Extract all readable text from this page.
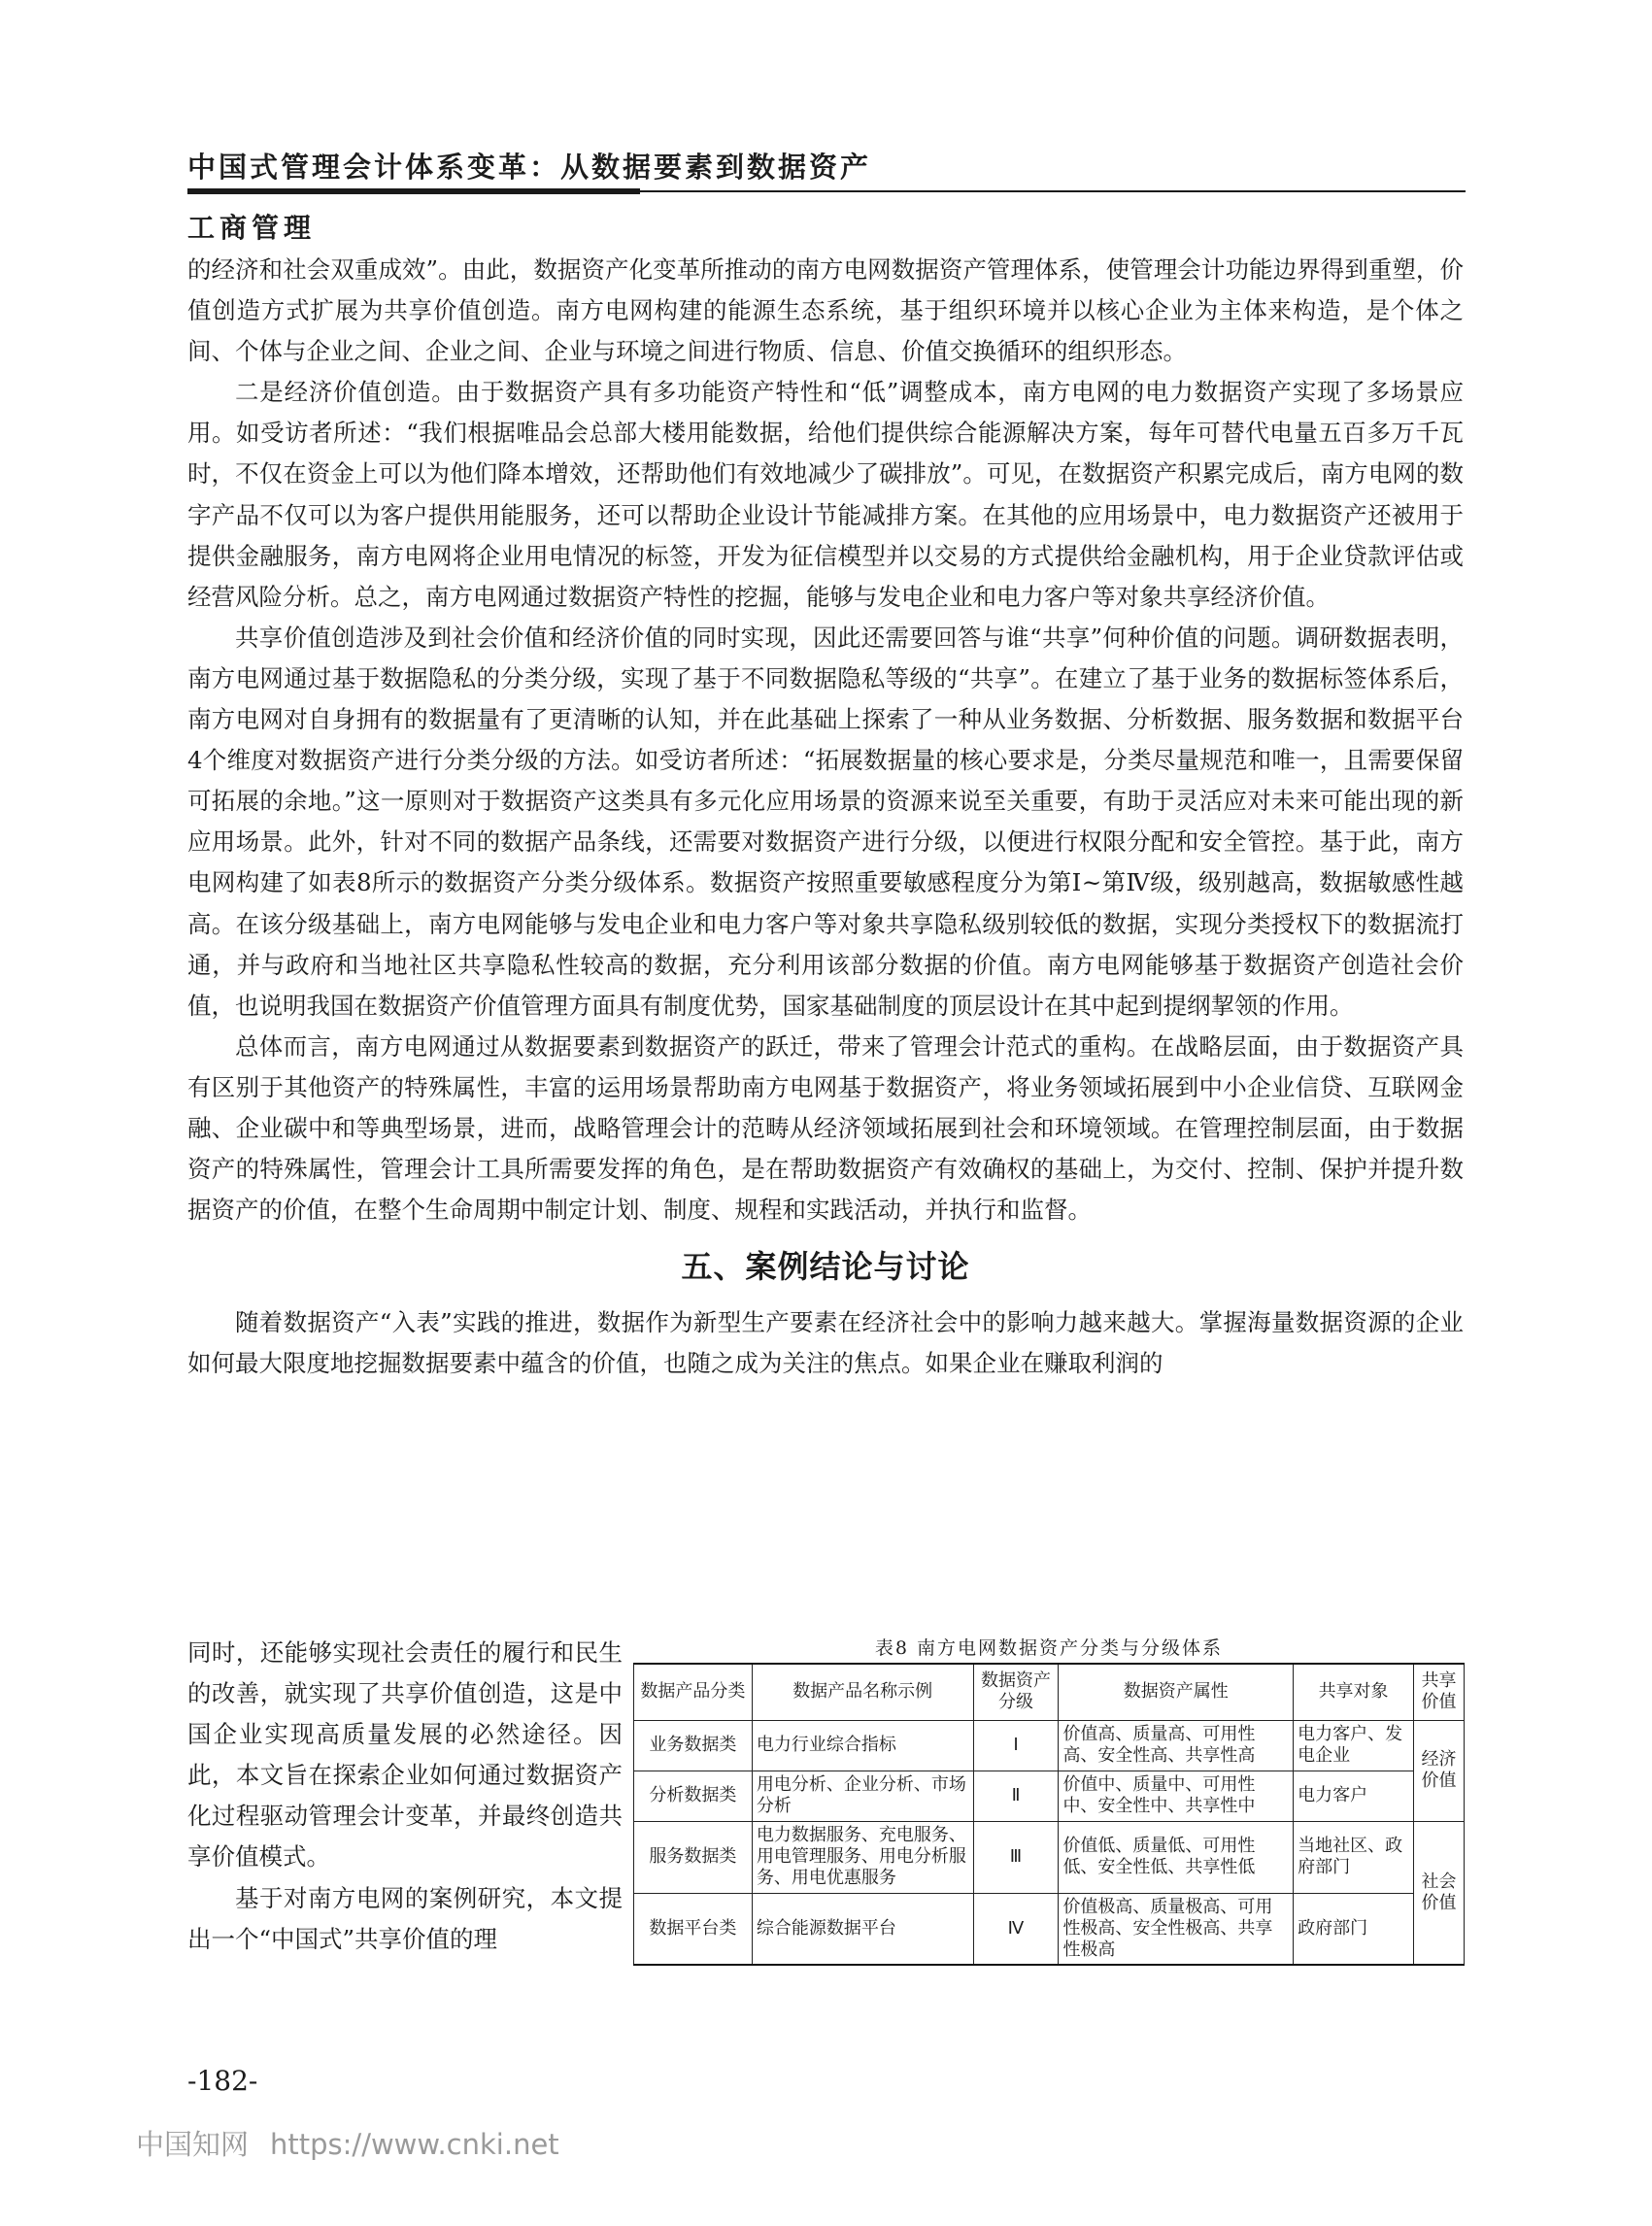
中国式管理会计体系变革：从数据要素到数据资产
工商管理

的经济和社会双重成效”。由此，数据资产化变革所推动的南方电网数据资产管理体系，使管理会计功能边界得到重塑，价值创造方式扩展为共享价值创造。南方电网构建的能源生态系统，基于组织环境并以核心企业为主体来构造，是个体之间、个体与企业之间、企业之间、企业与环境之间进行物质、信息、价值交换循环的组织形态。

二是经济价值创造。由于数据资产具有多功能资产特性和“低”调整成本，南方电网的电力数据资产实现了多场景应用。如受访者所述：“我们根据唯品会总部大楼用能数据，给他们提供综合能源解决方案，每年可替代电量五百多万千瓦时，不仅在资金上可以为他们降本增效，还帮助他们有效地减少了碳排放”。可见，在数据资产积累完成后，南方电网的数字产品不仅可以为客户提供用能服务，还可以帮助企业设计节能减排方案。在其他的应用场景中，电力数据资产还被用于提供金融服务，南方电网将企业用电情况的标签，开发为征信模型并以交易的方式提供给金融机构，用于企业贷款评估或经营风险分析。总之，南方电网通过数据资产特性的挖掘，能够与发电企业和电力客户等对象共享经济价值。

共享价值创造涉及到社会价值和经济价值的同时实现，因此还需要回答与谁“共享”何种价值的问题。调研数据表明，南方电网通过基于数据隐私的分类分级，实现了基于不同数据隐私等级的“共享”。在建立了基于业务的数据标签体系后，南方电网对自身拥有的数据量有了更清晰的认知，并在此基础上探索了一种从业务数据、分析数据、服务数据和数据平台4个维度对数据资产进行分类分级的方法。如受访者所述：“拓展数据量的核心要求是，分类尽量规范和唯一，且需要保留可拓展的余地。”这一原则对于数据资产这类具有多元化应用场景的资源来说至关重要，有助于灵活应对未来可能出现的新应用场景。此外，针对不同的数据产品条线，还需要对数据资产进行分级，以便进行权限分配和安全管控。基于此，南方电网构建了如表8所示的数据资产分类分级体系。数据资产按照重要敏感程度分为第Ⅰ~第Ⅳ级，级别越高，数据敏感性越高。在该分级基础上，南方电网能够与发电企业和电力客户等对象共享隐私级别较低的数据，实现分类授权下的数据流打通，并与政府和当地社区共享隐私性较高的数据，充分利用该部分数据的价值。南方电网能够基于数据资产创造社会价值，也说明我国在数据资产价值管理方面具有制度优势，国家基础制度的顶层设计在其中起到提纲挈领的作用。

总体而言，南方电网通过从数据要素到数据资产的跃迁，带来了管理会计范式的重构。在战略层面，由于数据资产具有区别于其他资产的特殊属性，丰富的运用场景帮助南方电网基于数据资产，将业务领域拓展到中小企业信贷、互联网金融、企业碳中和等典型场景，进而，战略管理会计的范畴从经济领域拓展到社会和环境领域。在管理控制层面，由于数据资产的特殊属性，管理会计工具所需要发挥的角色，是在帮助数据资产有效确权的基础上，为交付、控制、保护并提升数据资产的价值，在整个生命周期中制定计划、制度、规程和实践活动，并执行和监督。

五、案例结论与讨论

随着数据资产“入表”实践的推进，数据作为新型生产要素在经济社会中的影响力越来越大。掌握海量数据资源的企业如何最大限度地挖掘数据要素中蕴含的价值，也随之成为关注的焦点。如果企业在赚取利润的

同时，还能够实现社会责任的履行和民生的改善，就实现了共享价值创造，这是中国企业实现高质量发展的必然途径。因此，本文旨在探索企业如何通过数据资产化过程驱动管理会计变革，并最终创造共享价值模式。

基于对南方电网的案例研究，本文提出一个“中国式”共享价值的理

表8 南方电网数据资产分类与分级体系
数据产品分类	数据产品名称示例	数据资产分级	数据资产属性	共享对象	共享价值
业务数据类	电力行业综合指标	Ⅰ	价值高、质量高、可用性高、安全性高、共享性高	电力客户、发电企业	经济价值
分析数据类	用电分析、企业分析、市场分析	Ⅱ	价值中、质量中、可用性中、安全性中、共享性中	电力客户	
服务数据类	电力数据服务、充电服务、用电管理服务、用电分析服务、用电优惠服务	Ⅲ	价值低、质量低、可用性低、安全性低、共享性低	当地社区、政府部门	社会价值
数据平台类	综合能源数据平台	Ⅳ	价值极高、质量极高、可用性极高、安全性极高、共享性极高	政府部门	
-182-
中国知网 https://www.cnki.net
